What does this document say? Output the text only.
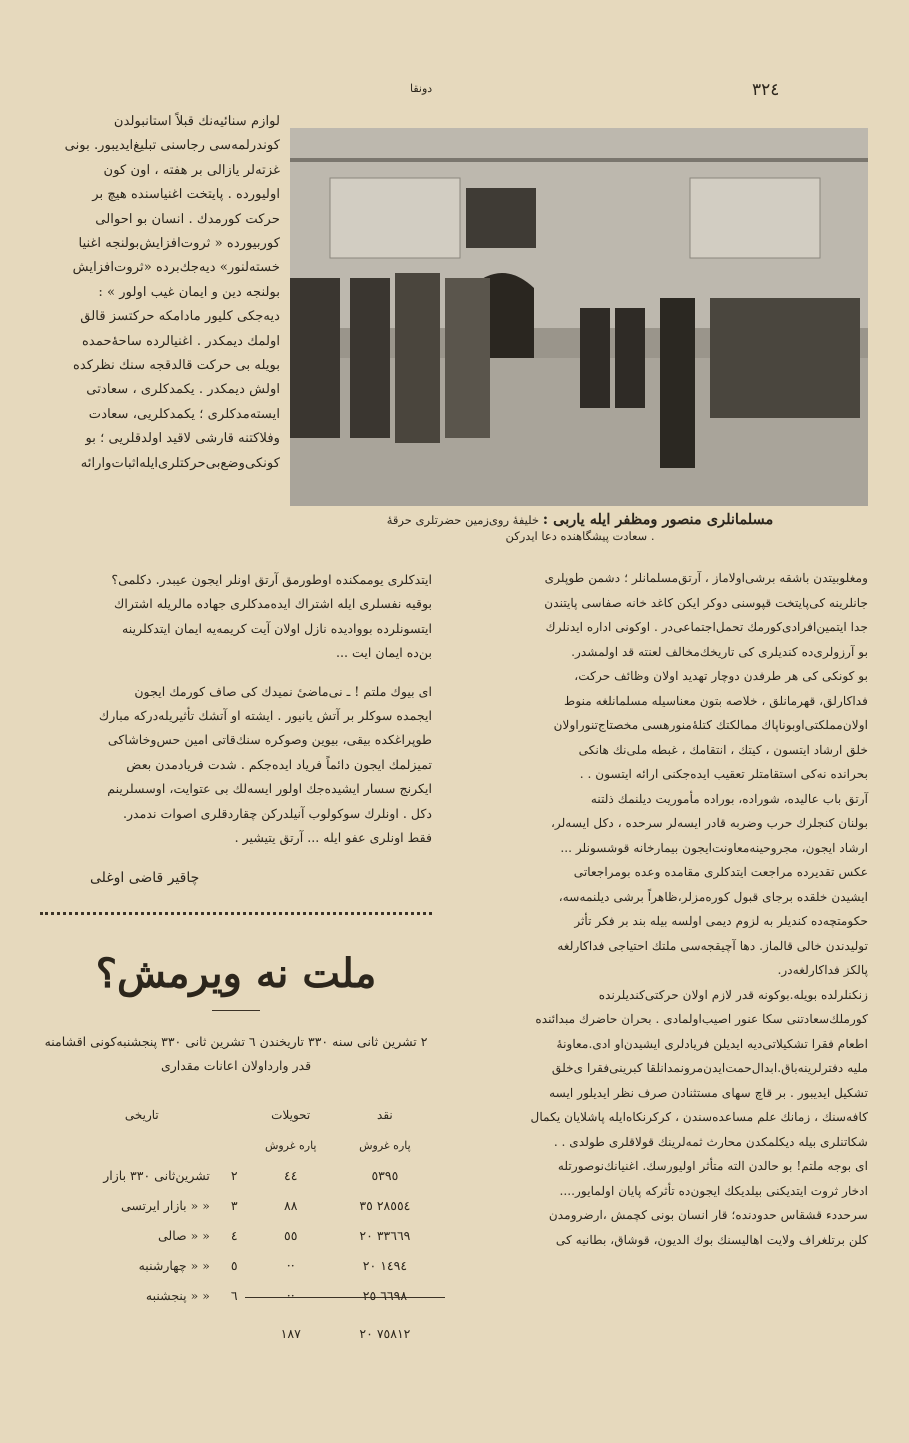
۳۲٤
دونقا
مسلمانلری منصور ومظفر ایله یاربی : خلیفهٔ روی‌زمین حضرتلری حرقهٔ
سعادت پیشگاهنده دعا ایدرکن .
لوازم سنائیه‌نك قبلاً استانبولدن
کوندرلمه‌سی رجاسنی تبلیغ‌ایدیبور. بونی
غزته‌لر یازالی بر هفته ، اون کون
اولیورده . پایتخت اغنیاسنده هیچ بر
حرکت کورمدك . انسان بو احوالی
کوربیورده « ثروت‌افزایش‌بولنجه اغنیا
خسته‌لنور» دیه‌جك‌برده «ثروت‌افزایش
بولنجه دین و ایمان غیب اولور » :
دیه‌جکی کلیور مادامکه حرکتسز قالق
اولمك دیمکدر . اغنیالرده ساحهٔ‌حمده
بویله بی حرکت قالدقجه سنك نظرکده
اولش دیمکدر . یکمدکلری ، سعادتی
ایسته‌مدکلری ؛ یکمدکلریی، سعادت
وفلاکتنه قارشی لاقید اولدقلریی ؛ بو
کونکی‌وضع‌بی‌حرکتلری‌ایله‌اثبات‌وارائه
ایتدکلری یوممکنده اوطورمق آرتق اونلر ایجون عیبدر. دکلمی؟
بوقیه نفسلری ایله اشتراك ایده‌مدکلری جهاده مالریله اشتراك
ایتسونلرده بوواديده نازل اولان آیت کریمه‌یه ایمان ایتدکلرینه
بن‌ده ایمان ایت ...
ای بیوك ملتم ! ـ نی‌ماضی‌ٔ نمیدك کی صاف کورمك ایجون
ایجمده سوکلر بر آتش یانیور . ایشته او آتشك تأثیریله‌درکه مبارك
طوپراغکده بیقی، بیوین وصوکره سنك‌قاتی امین حس‌وخاشاکی
تمیزلمك ایجون دائماً فریاد ایده‌جکم . شدت فریادمدن بعض
ایکرنج سسار ایشیده‌جك اولور ایسه‌لك بی عتوایت، اوسسلرینم
دکل . اونلرك سوکولوب آنیلدرکن چقاردقلری اصوات ندمدر.
فقط اونلری عفو ایله ... آرتق یتیشیر .
چاقیر قاضی اوغلی
ملت نه ویرمش؟
۲ تشرین ثانی سنه ۳۳۰ تاریخندن ٦ تشرین ثانی ۳۳۰ پنجشنبه‌کونی اقشامنه قدر وارداولان اعانات مقداری
نقد	تحویلات	تاریخی	
پاره غروش	پاره غروش		
٥٣٩٥	٤٤	۲	تشرین‌ثانی ۳۳۰ بازار
۲۸٥٥٤ ۳٥	۸۸	۳	« « بازار ایرتسی
۳۳٦٦٩ ۲۰	٥٥	٤	« « صالی
۱٤۹٤ ۲۰	··	٥	« « چهارشنبه
٦٦۹۸ ۲٥	··	٦	« « پنجشنبه
۷٥۸۱۲ ۲۰	۱۸۷		
ومغلوبیتدن باشقه برشی‌اولاماز ، آرتق‌مسلمانلر ؛ دشمن طوپلری
جانلرینه کی‌پایتخت قپوسنی دوکر ایکن کاغد خانه صفاسی پایتندن
جدا ایتمین‌افرادی‌کورمك تحمل‌اجتماعی‌در . اوکونی اداره ایدنلرك
بو آرزولری‌ده کندیلری کی تاریخك‌مخالف لعنته قد اولمشدر.
بو کونکی کی هر طرفدن دوچار تهدید اولان وظائف حرکت،
فداکارلق، قهرمانلق ، خلاصه بتون معناسیله مسلمانلغه منوط
اولان‌مملکتی‌اوبو‌ناپاك ممالکتك کتلهٔ‌منورهسی مخصتاج‌تنور‌اولان
خلق ارشاد ایتسون ، کیتك ، انتقامك ، غبطه ملی‌نك هانکی
بحرانده نه‌کی استقامتلر تعقیب ایده‌جکنی ارائه ایتسون . .
آرتق باب عالیده، شوراده، بوراده مأموریت دیلنمك ذلتنه
بولنان کنجلرك حرب وضربه قادر ایسه‌لر سرحده ، دکل ایسه‌لر،
ارشاد ایجون، مجروحینه‌معاونت‌ایجون بیمارخانه قوشسونلر ...
عکس تقدیرده مراجعت ایتدکلری مقامده وعده بومراجعاتی
ایشیدن خلقده برجای قبول کوره‌مزلر،ظاهراً برشی دیلنمه‌سه،
حکومتچه‌ده کندیلر به لزوم دیمی اولسه بیله بند بر فکر تأثر
تولیدندن خالی قالماز. دها آچیقجه‌سی ملتك احتیاجی فداکارلغه
پالکز فداکارلغه‌در.
زنکنلرلده بویله.بوکونه قدر لازم اولان حرکتی‌کندیلرنده
کورملك‌سعادتنی سکا عنور اصیب‌اولمادی . بحران حاضرك مبدائنده
اطعام فقرا تشکیلاتی‌دیه ایدیلن فریادلری ایشیدن‌او ادی.معاونهٔ
ملیه دفتر‌لرینه‌باق.ابدال‌حمت‌ایدن‌مرونمدانلقا کبرینی‌فقرا ی‌خلق
تشکیل ایدیبور . بر قاچ سهای مستثنادن صرف نظر ایدیلور ایسه
کافه‌سنك ، زمانك علم مساعده‌سندن ، کرکرنکاه‌ایله پاشلایان یکمال
شکاتنلری بیله دیکلمکدن محارث ثمه‌لرینك قولاقلری طولدی . .
ای بوجه ملتم! بو حالدن الته متأثر اولیورسك. اغنیانك‌نوصورتله
ادخار ثروت ایتدیکنی بیلدیکك ایجون‌ده تأثرکه پایان اولمایور....
سرحددء قشقاس حدودنده؛ قار انسان بونی‌ کچمش ،ارضرومدن
کلن برتلغراف ولایت اهالیسنك بوك الدیون، قوشاق، بطانیه کی
